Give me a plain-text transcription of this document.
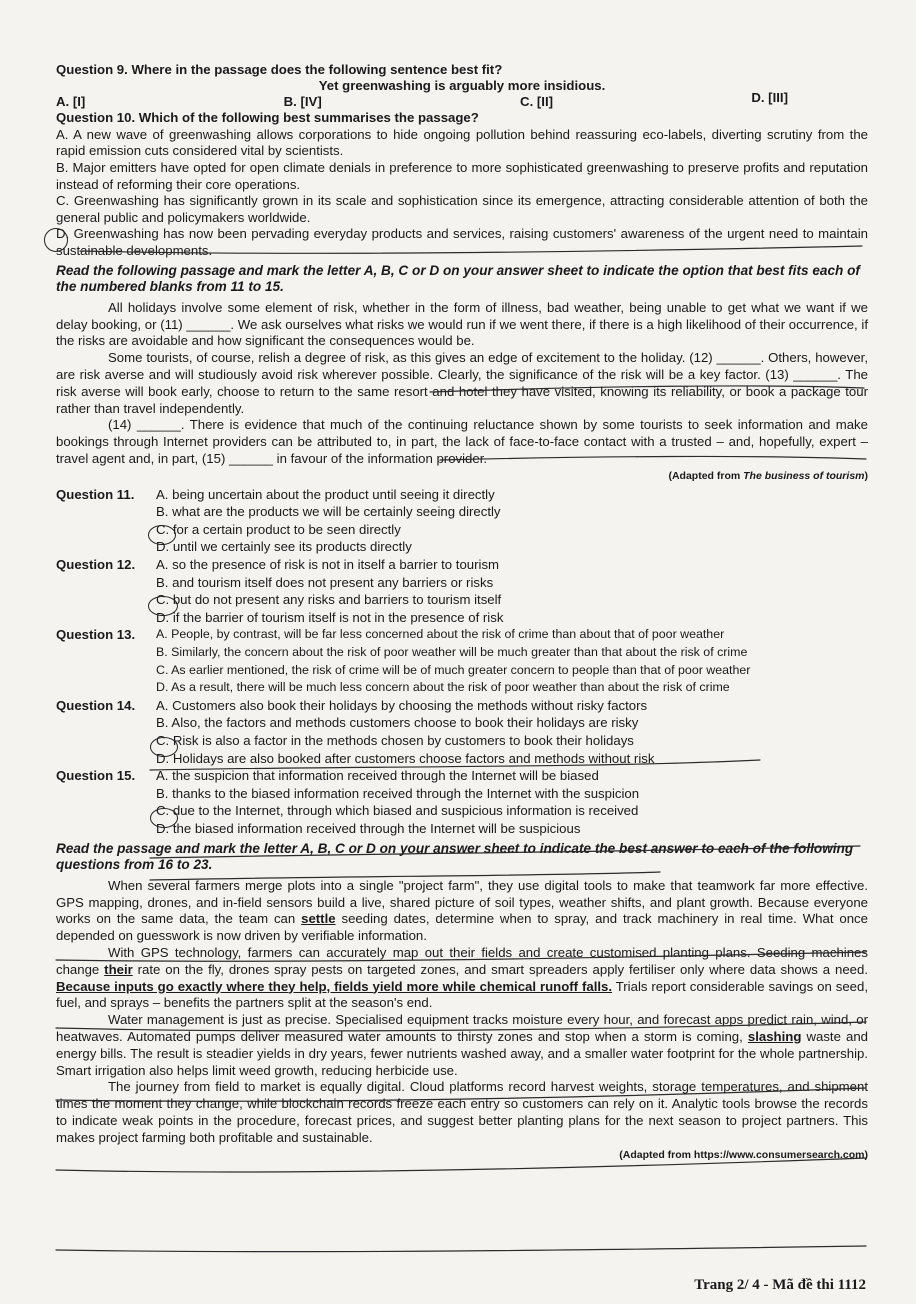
Question 9. Where in the passage does the following sentence best fit?

Yet greenwashing is arguably more insidious.

A. [I]	B. [IV]	C. [II]	D. [III]

Question 10. Which of the following best summarises the passage?

A. A new wave of greenwashing allows corporations to hide ongoing pollution behind reassuring eco-labels, diverting scrutiny from the rapid emission cuts considered vital by scientists.

B. Major emitters have opted for open climate denials in preference to more sophisticated greenwashing to preserve profits and reputation instead of reforming their core operations.

C. Greenwashing has significantly grown in its scale and sophistication since its emergence, attracting considerable attention of both the general public and policymakers worldwide.

D. Greenwashing has now been pervading everyday products and services, raising customers' awareness of the urgent need to maintain sustainable developments.

Read the following passage and mark the letter A, B, C or D on your answer sheet to indicate the option that best fits each of the numbered blanks from 11 to 15.

All holidays involve some element of risk, whether in the form of illness, bad weather, being unable to get what we want if we delay booking, or (11) ______. We ask ourselves what risks we would run if we went there, if there is a high likelihood of their occurrence, if the risks are avoidable and how significant the consequences would be.

Some tourists, of course, relish a degree of risk, as this gives an edge of excitement to the holiday. (12) ______. Others, however, are risk averse and will studiously avoid risk wherever possible. Clearly, the significance of the risk will be a key factor. (13) ______. The risk averse will book early, choose to return to the same resort and hotel they have visited, knowing its reliability, or book a package tour rather than travel independently.

(14) ______. There is evidence that much of the continuing reluctance shown by some tourists to seek information and make bookings through Internet providers can be attributed to, in part, the lack of face-to-face contact with a trusted – and, hopefully, expert – travel agent and, in part, (15) ______ in favour of the information provider.

(Adapted from The business of tourism)

Question 11.	A. being uncertain about the product until seeing it directly
B. what are the products we will be certainly seeing directly
C. for a certain product to be seen directly
D. until we certainly see its products directly
Question 12.	A. so the presence of risk is not in itself a barrier to tourism
B. and tourism itself does not present any barriers or risks
C. but do not present any risks and barriers to tourism itself
D. if the barrier of tourism itself is not in the presence of risk
Question 13.	A. People, by contrast, will be far less concerned about the risk of crime than about that of poor weather
B. Similarly, the concern about the risk of poor weather will be much greater than that about the risk of crime
C. As earlier mentioned, the risk of crime will be of much greater concern to people than that of poor weather
D. As a result, there will be much less concern about the risk of poor weather than about the risk of crime
Question 14.	A. Customers also book their holidays by choosing the methods without risky factors
B. Also, the factors and methods customers choose to book their holidays are risky
C. Risk is also a factor in the methods chosen by customers to book their holidays
D. Holidays are also booked after customers choose factors and methods without risk
Question 15.	A. the suspicion that information received through the Internet will be biased
B. thanks to the biased information received through the Internet with the suspicion
C. due to the Internet, through which biased and suspicious information is received
D. the biased information received through the Internet will be suspicious

Read the passage and mark the letter A, B, C or D on your answer sheet to indicate the best answer to each of the following questions from 16 to 23.

When several farmers merge plots into a single "project farm", they use digital tools to make that teamwork far more effective. GPS mapping, drones, and in-field sensors build a live, shared picture of soil types, weather shifts, and plant growth. Because everyone works on the same data, the team can settle seeding dates, determine when to spray, and track machinery in real time. What once depended on guesswork is now driven by verifiable information.

With GPS technology, farmers can accurately map out their fields and create customised planting plans. Seeding machines change their rate on the fly, drones spray pests on targeted zones, and smart spreaders apply fertiliser only where data shows a need. Because inputs go exactly where they help, fields yield more while chemical runoff falls. Trials report considerable savings on seed, fuel, and sprays – benefits the partners split at the season's end.

Water management is just as precise. Specialised equipment tracks moisture every hour, and forecast apps predict rain, wind, or heatwaves. Automated pumps deliver measured water amounts to thirsty zones and stop when a storm is coming, slashing waste and energy bills. The result is steadier yields in dry years, fewer nutrients washed away, and a smaller water footprint for the whole partnership. Smart irrigation also helps limit weed growth, reducing herbicide use.

The journey from field to market is equally digital. Cloud platforms record harvest weights, storage temperatures, and shipment times the moment they change, while blockchain records freeze each entry so customers can rely on it. Analytic tools browse the records to indicate weak points in the procedure, forecast prices, and suggest better planting plans for the next season to project partners. This makes project farming both profitable and sustainable.

(Adapted from https://www.consumersearch.com)

Trang 2/ 4 - Mã đề thi 1112
